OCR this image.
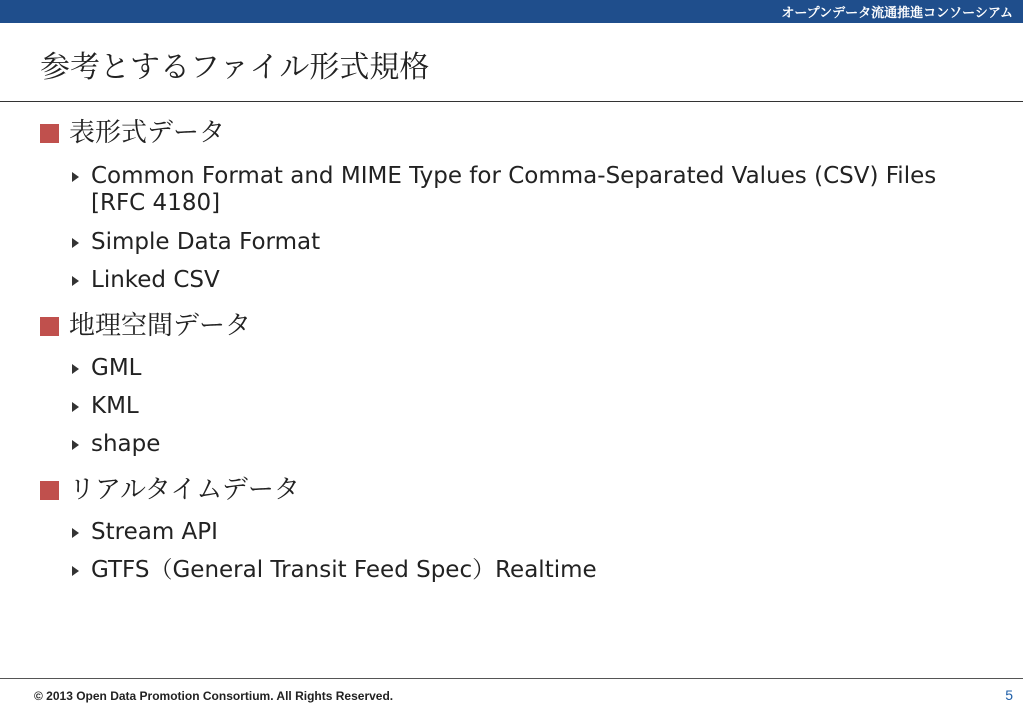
オープンデータ流通推進コンソーシアム
参考とするファイル形式規格
表形式データ
Common Format and MIME Type for Comma-Separated Values (CSV) Files
[RFC 4180]
Simple Data Format
Linked CSV
地理空間データ
GML
KML
shape
リアルタイムデータ
Stream API
GTFS（General Transit Feed Spec）Realtime
© 2013 Open Data Promotion Consortium. All Rights Reserved.	5
